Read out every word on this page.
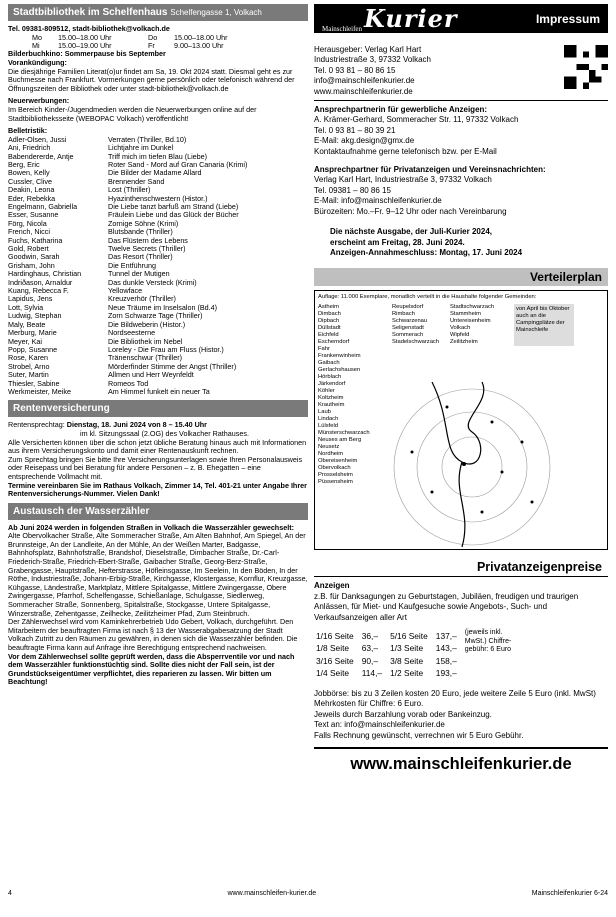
Stadtbibliothek im Schelfenhaus Schelfengasse 1, Volkach
Tel. 09381-809512, stadt-bibliothek@volkach.de
Mo	15.00–18.00 Uhr	Do	15.00–18.00 Uhr
Mi	15.00–19.00 Uhr	Fr	9.00–13.00 Uhr
Bilderbuchkino: Sommerpause bis September
Vorankündigung:
Die diesjährige Familien Literat(o)ur findet am Sa, 19. Okt 2024 statt. Diesmal geht es zur Buchmesse nach Frankfurt. Vormerkungen gerne persönlich oder telefonisch während der Öffnungszeiten der Bibliothek oder unter stadt-bibliothek@volkach.de
Neuerwerbungen:
Im Bereich Kinder-/Jugendmedien werden die Neuerwerbungen online auf der Stadtbibliotheksseite (WEBOPAC Volkach) veröffentlicht!
Belletristik:
Adler-Olsen, Jussi	Verraten (Thriller, Bd.10)
Ani, Friedrich	Lichtjahre im Dunkel
Babendererde, Antje	Triff mich im tiefen Blau (Liebe)
Berg, Eric	Roter Sand - Mord auf Gran Canaria (Krimi)
Bowen, Kelly	Die Bilder der Madame Allard
Cussler, Clive	Brennender Sand
Deakin, Leona	Lost (Thriller)
Eder, Rebekka	Hyazinthenschwestern (Histor.)
Engelmann, Gabriella	Die Liebe tanzt barfuß am Strand (Liebe)
Esser, Susanne	Fräulein Liebe und das Glück der Bücher
Förg, Nicola	Zornige Söhne (Krimi)
French, Nicci	Blutsbande (Thriller)
Fuchs, Katharina	Das Flüstern des Lebens
Gold, Robert	Twelve Secrets (Thriller)
Goodwin, Sarah	Das Resort (Thriller)
Grisham, John	Die Entführung
Hardinghaus, Christian	Tunnel der Mutigen
Indriðason, Arnaldur	Das dunkle Versteck (Krimi)
Kuang, Rebecca F.	Yellowface
Lapidus, Jens	Kreuzverhör (Thriller)
Lott, Sylvia	Neue Träume im Inselsalon (Bd.4)
Ludwig, Stephan	Zorn Schwarze Tage (Thriller)
Maly, Beate	Die Bildweberin (Histor.)
Merburg, Marie	Nordseesterne
Meyer, Kai	Die Bibliothek im Nebel
Popp, Susanne	Loreley - Die Frau am Fluss (Histor.)
Rose, Karen	Tränenschwur (Thriller)
Strobel, Arno	Mörderfinder Stimme der Angst (Thriller)
Suter, Martin	Allmen und Herr Weynfeldt
Thiesler, Sabine	Romeos Tod
Werkmeister, Meike	Am Himmel funkelt ein neuer Ta
Rentenversicherung
Rentensprechtag: Dienstag, 18. Juni 2024 von 8 – 15.40 Uhr
im kl. Sitzungssaal (2.OG) des Volkacher Rathauses.
Alle Versicherten können über die schon jetzt übliche Beratung hinaus auch mit Informationen aus ihrem Versicherungskonto und damit einer Rentenauskunft rechnen.
Zum Sprechtag bringen Sie bitte Ihre Versicherungsunterlagen sowie Ihren Personalausweis oder Reisepass und bei Beratung für andere Personen – z. B. Ehegatten – eine entsprechende Vollmacht mit.
Termine vereinbaren Sie im Rathaus Volkach, Zimmer 14, Tel. 401-21 unter Angabe Ihrer Rentenversicherungs-Nummer. Vielen Dank!
Austausch der Wasserzähler
Ab Juni 2024 werden in folgenden Straßen in Volkach die Wasserzähler gewechselt:
Alte Obervolkacher Straße, Alte Sommeracher Straße, Am Alten Bahnhof, Am Spiegel, An der Brunnsteige, An der Landleite, An der Mühle, An der Weißen Marter, Badgasse, Bahnhofsplatz, Bahnhofstraße, Brandshof, Dieselstraße, Dimbacher Straße, Dr.-Carl-Friederich-Straße, Friedrich-Ebert-Straße, Gaibacher Straße, Georg-Berz-Straße, Grabengasse, Hauptstraße, Hefterstrasse, Höfleinsgasse, Im Seelein, In den Böden, In der Röthe, Industriestraße, Johann-Erbig-Straße, Kirchgasse, Klostergasse, Kornflur, Kreuzgasse, Kühgasse, Ländestraße, Marktplatz, Mittlere Spitalgasse, Mittlere Zwingergasse, Obere Zwingergasse, Pfarrhof, Schelfengasse, Schießanlage, Schulgasse, Siedlerweg, Sommeracher Straße, Sonnenberg, Spitalstraße, Stockgasse, Untere Spitalgasse, Winzerstraße, Zehentgasse, Zeilhecke, Zeilitzheimer Pfad, Zum Steinbruch.
Der Zählerwechsel wird vom Kaminkehrerbetrieb Udo Gebert, Volkach, durchgeführt. Den Mitarbeitern der beauftragten Firma ist nach § 13 der Wasserabgabesatzung der Stadt Volkach Zutritt zu den Räumen zu gewähren, in denen sich die Wasserzähler befinden. Die beauftragte Firma kann auf Anfrage ihre Berechtigung entsprechend nachweisen.
Vor dem Zählerwechsel sollte geprüft werden, dass die Absperrventile vor und nach dem Wasserzähler funktionstüchtig sind. Sollte dies nicht der Fall sein, ist der Grundstückseigentümer verpflichtet, dies reparieren zu lassen. Wir bitten um Beachtung!
Mainschleifen Kurier	Impressum
Herausgeber: Verlag Karl Hart
Industriestraße 3, 97332 Volkach
Tel. 0 93 81 – 80 86 15
info@mainschleifenkurier.de
www.mainschleifenkurier.de
Ansprechpartnerin für gewerbliche Anzeigen:
A. Krämer-Gerhard, Sommeracher Str. 11, 97332 Volkach
Tel. 0 93 81 – 80 39 21
E-Mail: akg.design@gmx.de
Kontaktaufnahme gerne telefonisch bzw. per E-Mail
Ansprechpartner für Privatanzeigen und Vereinsnachrichten:
Verlag Karl Hart, Industriestraße 3, 97332 Volkach
Tel. 09381 – 80 86 15
E-Mail: info@mainschleifenkurier.de
Bürozeiten: Mo.–Fr. 9–12 Uhr oder nach Vereinbarung
Die nächste Ausgabe, der Juli-Kurier 2024,
erscheint am Freitag, 28. Juni 2024.
Anzeigen-Annahmeschluss: Montag, 17. Juni 2024
Verteilerplan
Auflage: 11.000 Exemplare, monatlich verteilt in die Haushalte folgender Gemeinden:
Astheim
Dimbach
Dipbach
Düllstadt
Eichfeld
Escherndorf
Fahr
Frankenwinheim
Gaibach
Gerlachshausen
Hörblach
Järkendorf
Köhler
Koltzheim
Krautheim
Laub
Lindach
Lülsfeld
Münsterschwarzach
Neuses am Berg
Neusetz
Nordheim
Obereisenheim
Obervolkach
Prosselsheim
Püssensheim
Reupelsdorf
Rimbach
Schwarzenau
Seligenstadt
Sommerach
Stadelschwarzach
Stadtschwarzach
Stammheim
Untereisenheim
Volkach
Wipfeld
Zeilitzheim
von April bis Oktober auch an die Campingplätze der Mainschleife
Privatanzeigenpreise
Anzeigen
z.B. für Danksagungen zu Geburtstagen, Jubiläen, freudigen und traurigen Anlässen, für Miet- und Kaufgesuche sowie Angebots-, Such- und Verkaufsanzeigen aller Art
1/16 Seite	36,–	5/16 Seite	137,–
1/8 Seite	63,–	1/3 Seite	143,–
3/16 Seite	90,–	3/8 Seite	158,–
1/4 Seite	114,–	1/2 Seite	193,–
(jeweils inkl. MwSt.) Chiffre-gebühr: 6 Euro
Jobbörse: bis zu 3 Zeilen kosten 20 Euro, jede weitere Zeile 5 Euro (inkl. MwSt) Mehrkosten für Chiffre: 6 Euro.
Jeweils durch Barzahlung vorab oder Bankeinzug.
Text an: info@mainschleifenkurier.de
Falls Rechnung gewünscht, verrechnen wir 5 Euro Gebühr.
www.mainschleifenkurier.de
4	www.mainschleifen-kurier.de	Mainschleifenkurier 6-24
